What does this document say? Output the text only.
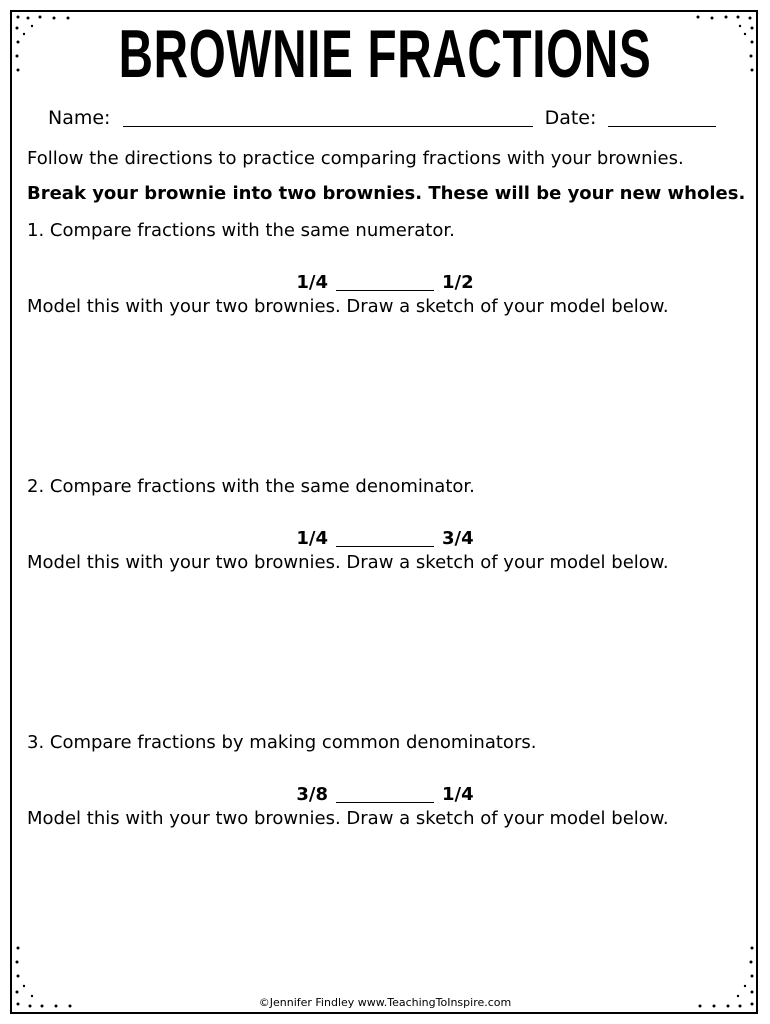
BROWNIE FRACTIONS
Name:	Date:
Follow the directions to practice comparing fractions with your brownies.
Break your brownie into two brownies. These will be your new wholes.
1. Compare fractions with the same numerator.
1/4	1/2
Model this with your two brownies. Draw a sketch of your model below.
2. Compare fractions with the same denominator.
1/4	3/4
Model this with your two brownies. Draw a sketch of your model below.
3. Compare fractions by making common denominators.
3/8	1/4
Model this with your two brownies. Draw a sketch of your model below.
©Jennifer Findley www.TeachingToInspire.com
